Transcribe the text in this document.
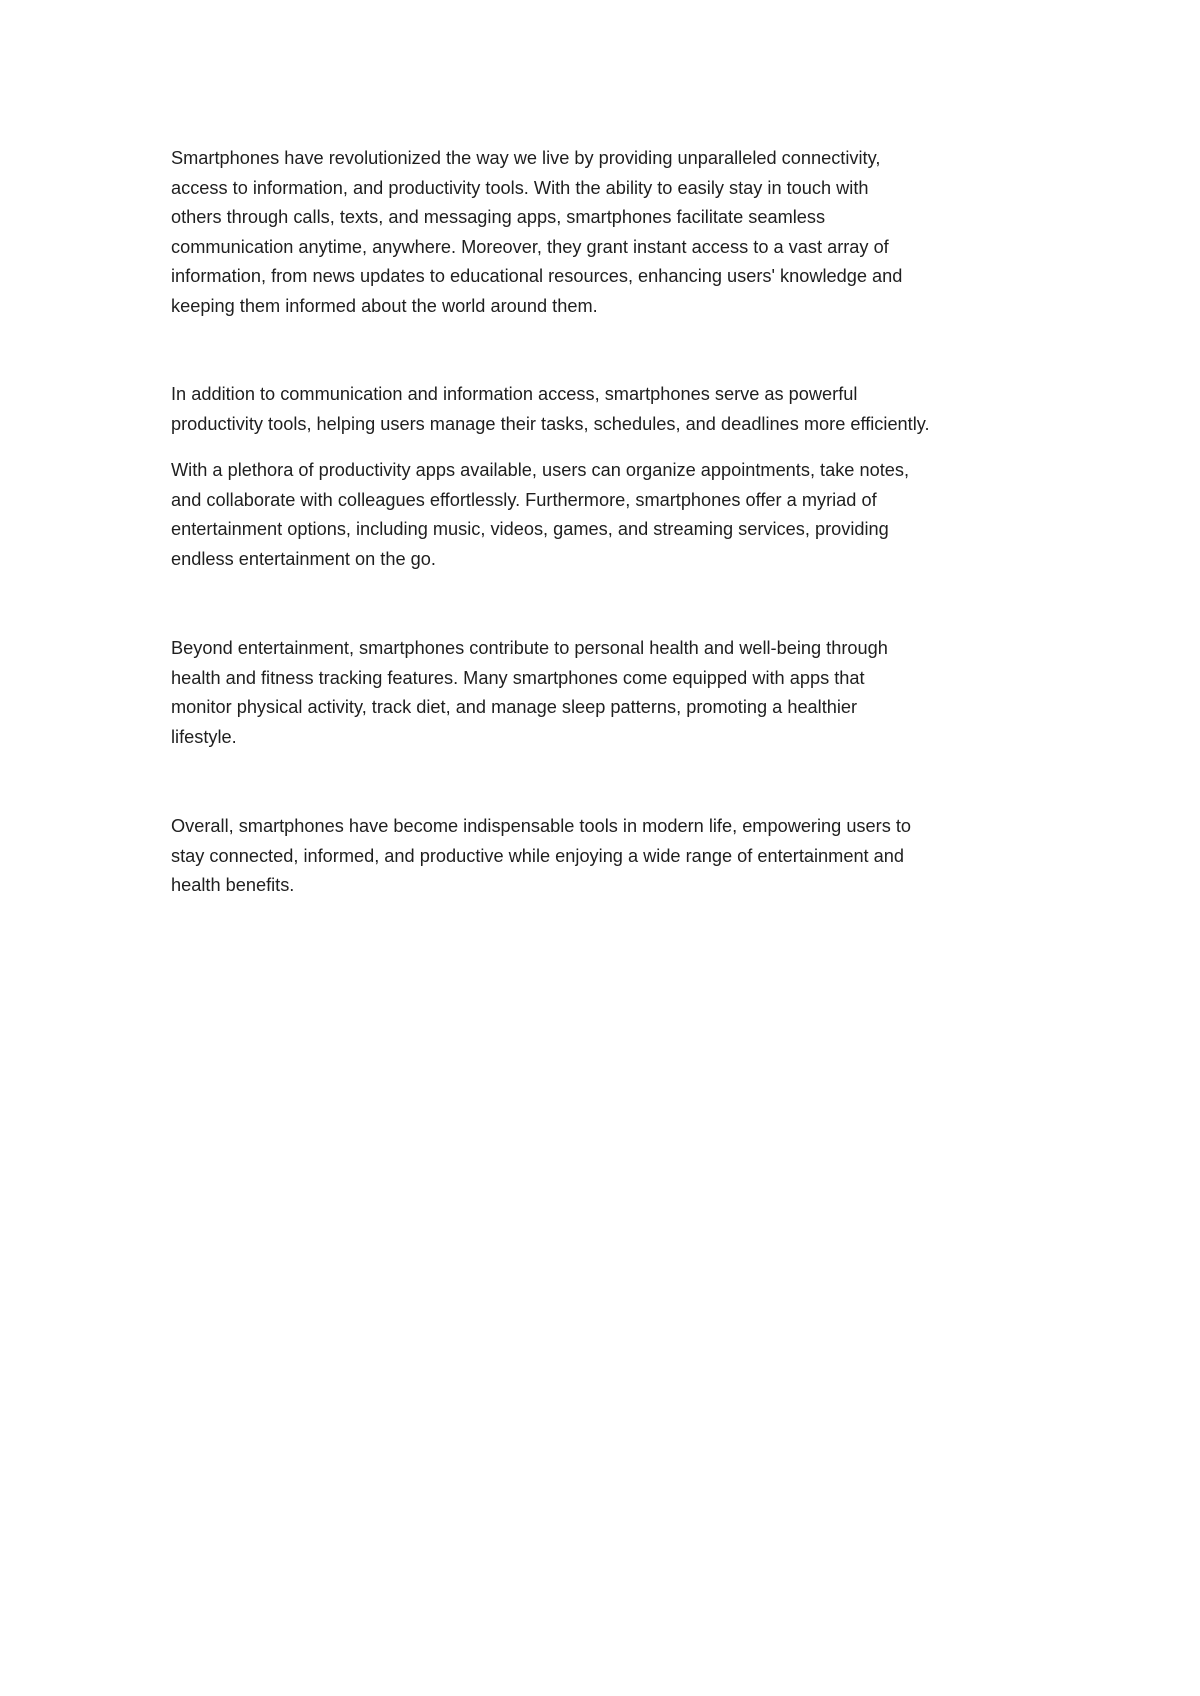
Smartphones have revolutionized the way we live by providing unparalleled connectivity,
access to information, and productivity tools. With the ability to easily stay in touch with
others through calls, texts, and messaging apps, smartphones facilitate seamless
communication anytime, anywhere. Moreover, they grant instant access to a vast array of
information, from news updates to educational resources, enhancing users' knowledge and
keeping them informed about the world around them.
In addition to communication and information access, smartphones serve as powerful
productivity tools, helping users manage their tasks, schedules, and deadlines more efficiently.
With a plethora of productivity apps available, users can organize appointments, take notes,
and collaborate with colleagues effortlessly. Furthermore, smartphones offer a myriad of
entertainment options, including music, videos, games, and streaming services, providing
endless entertainment on the go.
Beyond entertainment, smartphones contribute to personal health and well-being through
health and fitness tracking features. Many smartphones come equipped with apps that
monitor physical activity, track diet, and manage sleep patterns, promoting a healthier
lifestyle.
Overall, smartphones have become indispensable tools in modern life, empowering users to
stay connected, informed, and productive while enjoying a wide range of entertainment and
health benefits.
